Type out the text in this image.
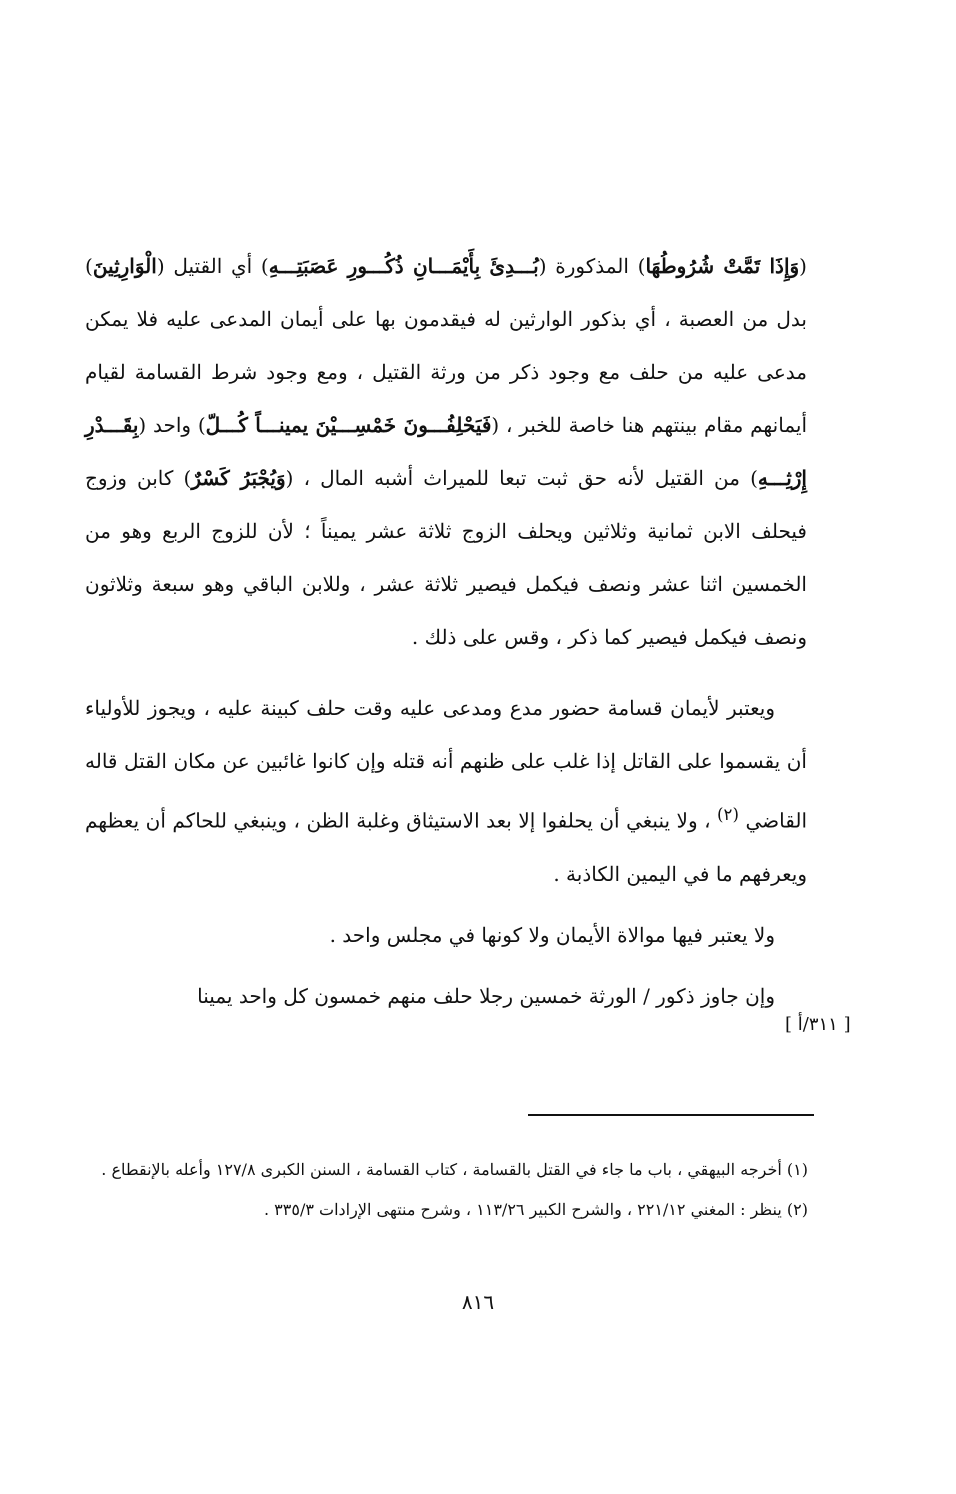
(وَإِذَا تَمَّتْ شُرُوطُهَا) المذكورة (بُـــدِئَ بِأَيْمَـــانِ ذُكُـــورِ عَصَبَتِـــهِ) أي القتيل (الْوَارِثِينَ) بدل من العصبة ، أي بذكور الوارثين له فيقدمون بها على أيمان المدعى عليه فلا يمكن مدعى عليه من حلف مع وجود ذكر من ورثة القتيل ، ومع وجود شرط القسامة لقيام أيمانهم مقام بينتهم هنا خاصة للخبر ، (فَيَحْلِفُـــونَ خَمْسِـــيْنَ يمينـــاً كُـــلّ) واحد (بِقَـــدْرِ إِرْثِـــهِ) من القتيل لأنه حق ثبت تبعا للميراث أشبه المال ، (وَيُجْبَرُ كَسْرٌ) كابن وزوج فيحلف الابن ثمانية وثلاثين ويحلف الزوج ثلاثة عشر يميناً ؛ لأن للزوج الربع وهو من الخمسين اثنا عشر ونصف فيكمل فيصير ثلاثة عشر ، وللابن الباقي وهو سبعة وثلاثون ونصف فيكمل فيصير كما ذكر ، وقس على ذلك .

ويعتبر لأيمان قسامة حضور مدع ومدعى عليه وقت حلف كبينة عليه ، ويجوز للأولياء أن يقسموا على القاتل إذا غلب على ظنهم أنه قتله وإن كانوا غائبين عن مكان القتل قاله القاضي $^{(٢)}$ ، ولا ينبغي أن يحلفوا إلا بعد الاستيثاق وغلبة الظن ، وينبغي للحاكم أن يعظهم ويعرفهم ما في اليمين الكاذبة .

ولا يعتبر فيها موالاة الأيمان ولا كونها في مجلس واحد .

وإن جاوز ذكور / الورثة خمسين رجلا حلف منهم خمسون كل واحد يمينا

[ ٣١١/أ ]

(١) أخرجه البيهقي ، باب ما جاء في القتل بالقسامة ، كتاب القسامة ، السنن الكبرى ١٢٧/٨ وأعله بالإنقطاع .

(٢) ينظر : المغني ٢٢١/١٢ ، والشرح الكبير ١١٣/٢٦ ، وشرح منتهى الإرادات ٣٣٥/٣ .

٨١٦
